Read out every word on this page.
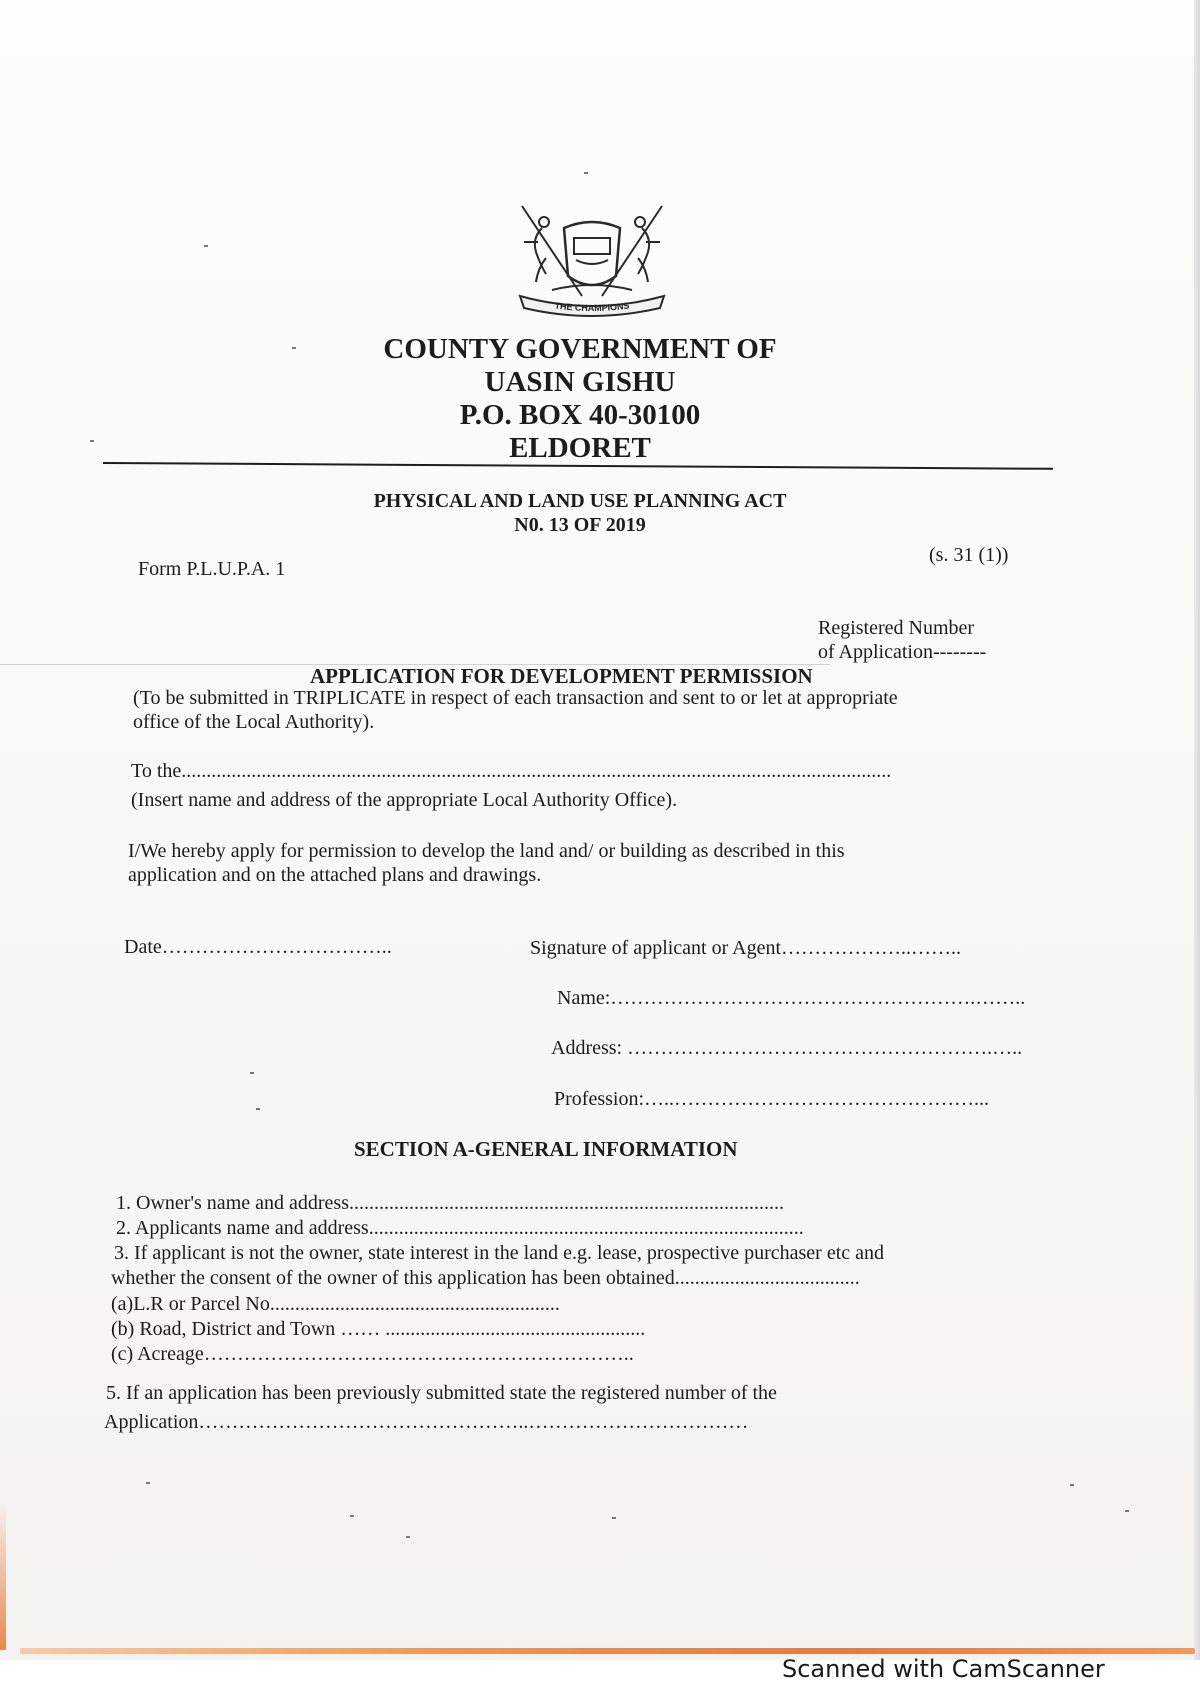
THE CHAMPIONS
COUNTY GOVERNMENT OF
UASIN GISHU
P.O. BOX 40-30100
ELDORET
PHYSICAL AND LAND USE PLANNING ACT
N0. 13 OF 2019
Form P.L.U.P.A. 1
(s. 31 (1))
Registered Number
of Application--------
APPLICATION FOR DEVELOPMENT PERMISSION
(To be submitted in TRIPLICATE in respect of each transaction and sent to or let at appropriate
office of the Local Authority).
To the..............................................................................................................................................
(Insert name and address of the appropriate Local Authority Office).
I/We hereby apply for permission to develop the land and/ or building as described in this
application and on the attached plans and drawings.
Date……………………………..	Signature of applicant or Agent………………..……..
Name:……………………………………………….……..
Address: ……………………………………………….…..
Profession:…..………………………………………...
SECTION A-GENERAL INFORMATION
1. Owner's name and address.......................................................................................
2. Applicants name and address.......................................................................................
3. If applicant is not the owner, state interest in the land e.g. lease, prospective purchaser etc and
whether the consent of the owner of this application has been obtained.....................................
(a)L.R or Parcel No..........................................................
(b) Road, District and Town …… ....................................................
(c) Acreage………………………………………………………..
5. If an application has been previously submitted state the registered number of the
Application…………………………………………..……………………………
Scanned with CamScanner
